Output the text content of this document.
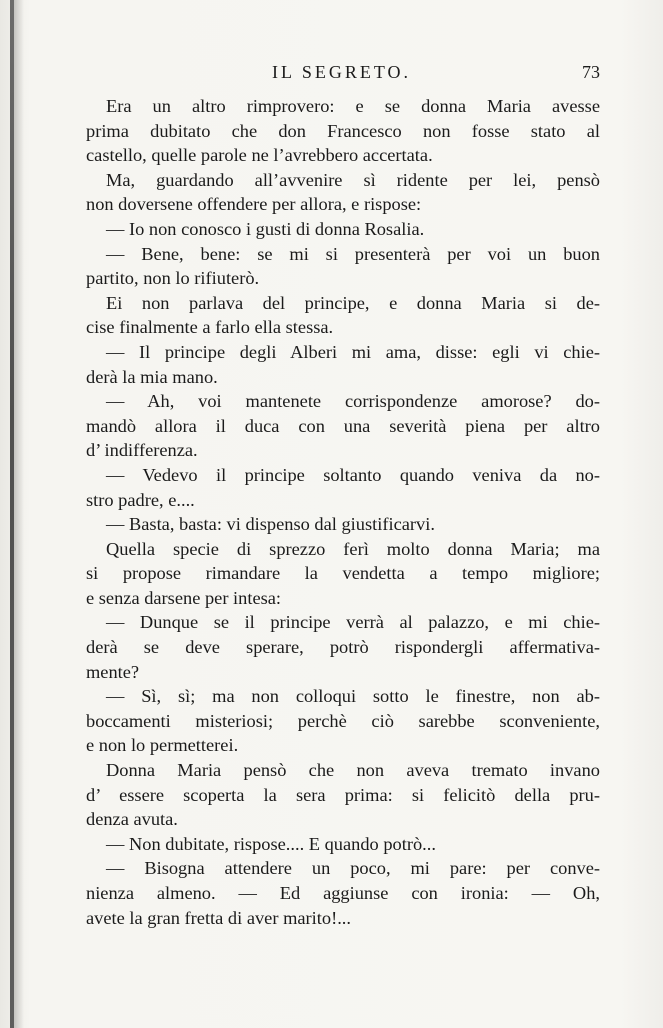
IL SEGRETO.	73
Era un altro rimprovero: e se donna Maria avesse
prima dubitato che don Francesco non fosse stato al
castello, quelle parole ne l’avrebbero accertata.
Ma, guardando all’avvenire sì ridente per lei, pensò
non doversene offendere per allora, e rispose:
— Io non conosco i gusti di donna Rosalia.
— Bene, bene: se mi si presenterà per voi un buon
partito, non lo rifiuterò.
Ei non parlava del principe, e donna Maria si de-
cise finalmente a farlo ella stessa.
— Il principe degli Alberi mi ama, disse: egli vi chie-
derà la mia mano.
— Ah, voi mantenete corrispondenze amorose? do-
mandò allora il duca con una severità piena per altro
d’ indifferenza.
— Vedevo il principe soltanto quando veniva da no-
stro padre, e....
— Basta, basta: vi dispenso dal giustificarvi.
Quella specie di sprezzo ferì molto donna Maria; ma
si propose rimandare la vendetta a tempo migliore;
e senza darsene per intesa:
— Dunque se il principe verrà al palazzo, e mi chie-
derà se deve sperare, potrò rispondergli affermativa-
mente?
— Sì, sì; ma non colloqui sotto le finestre, non ab-
boccamenti misteriosi; perchè ciò sarebbe sconveniente,
e non lo permetterei.
Donna Maria pensò che non aveva tremato invano
d’ essere scoperta la sera prima: si felicitò della pru-
denza avuta.
— Non dubitate, rispose.... E quando potrò...
— Bisogna attendere un poco, mi pare: per conve-
nienza almeno. — Ed aggiunse con ironia: — Oh,
avete la gran fretta di aver marito!...
